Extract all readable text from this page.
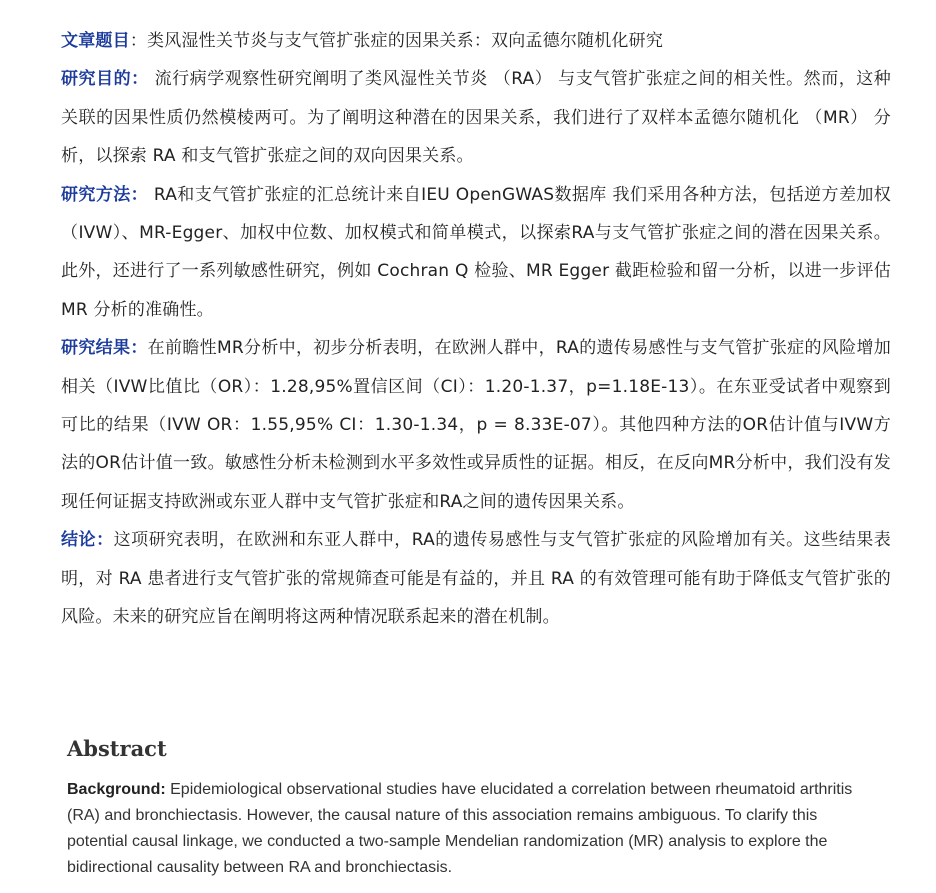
文章题目：类风湿性关节炎与支气管扩张症的因果关系：双向孟德尔随机化研究

研究目的： 流行病学观察性研究阐明了类风湿性关节炎 （RA） 与支气管扩张症之间的相关性。然而，这种关联的因果性质仍然模棱两可。为了阐明这种潜在的因果关系，我们进行了双样本孟德尔随机化 （MR） 分析，以探索 RA 和支气管扩张症之间的双向因果关系。

研究方法： RA和支气管扩张症的汇总统计来自IEU OpenGWAS数据库 我们采用各种方法，包括逆方差加权（IVW）、MR-Egger、加权中位数、加权模式和简单模式，以探索RA与支气管扩张症之间的潜在因果关系。此外，还进行了一系列敏感性研究，例如 Cochran Q 检验、MR Egger 截距检验和留一分析，以进一步评估 MR 分析的准确性。

研究结果：在前瞻性MR分析中，初步分析表明，在欧洲人群中，RA的遗传易感性与支气管扩张症的风险增加相关（IVW比值比（OR）：1.28,95%置信区间（CI）：1.20-1.37，p=1.18E-13）。在东亚受试者中观察到可比的结果（IVW OR：1.55,95% CI：1.30-1.34，p = 8.33E-07）。其他四种方法的OR估计值与IVW方法的OR估计值一致。敏感性分析未检测到水平多效性或异质性的证据。相反，在反向MR分析中，我们没有发现任何证据支持欧洲或东亚人群中支气管扩张症和RA之间的遗传因果关系。

结论：这项研究表明，在欧洲和东亚人群中，RA的遗传易感性与支气管扩张症的风险增加有关。这些结果表明，对 RA 患者进行支气管扩张的常规筛查可能是有益的，并且 RA 的有效管理可能有助于降低支气管扩张的风险。未来的研究应旨在阐明将这两种情况联系起来的潜在机制。

Abstract

Background: Epidemiological observational studies have elucidated a correlation between rheumatoid arthritis (RA) and bronchiectasis. However, the causal nature of this association remains ambiguous. To clarify this potential causal linkage, we conducted a two-sample Mendelian randomization (MR) analysis to explore the bidirectional causality between RA and bronchiectasis.
